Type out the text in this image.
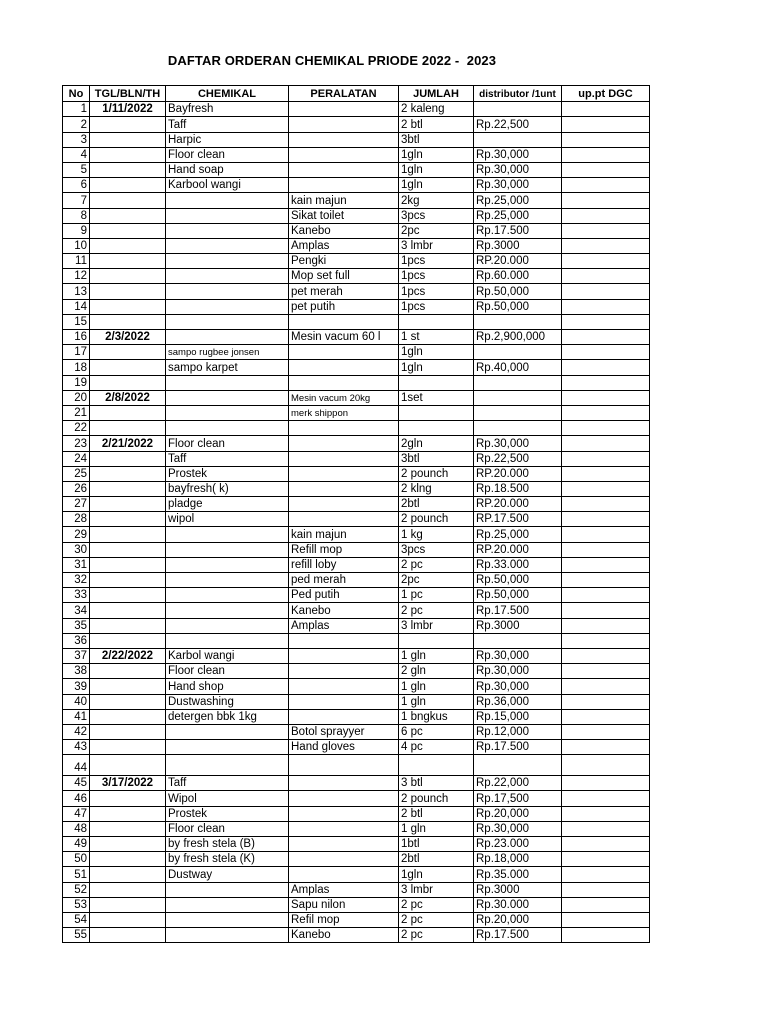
DAFTAR ORDERAN CHEMIKAL PRIODE 2022 -  2023
No	TGL/BLN/TH	CHEMIKAL	PERALATAN	JUMLAH	distributor /1unt	up.pt DGC
1	1/11/2022	Bayfresh		2 kaleng		
2		Taff		2 btl	Rp.22,500	
3		Harpic		3btl		
4		Floor clean		1gln	Rp.30,000	
5		Hand soap		1gln	Rp.30,000	
6		Karbool wangi		1gln	Rp.30,000	
7			kain majun	2kg	Rp.25,000	
8			Sikat toilet	3pcs	Rp.25,000	
9			Kanebo	2pc	Rp.17.500	
10			Amplas	3 lmbr	Rp.3000	
11			Pengki	1pcs	RP.20.000	
12			Mop set full	1pcs	Rp.60.000	
13			pet merah	1pcs	Rp.50,000	
14			pet putih	1pcs	Rp.50,000	
15						
16	2/3/2022		Mesin vacum 60 l	1 st	Rp.2,900,000	
17		sampo rugbee jonsen		1gln		
18		sampo karpet		1gln	Rp.40,000	
19						
20	2/8/2022		Mesin vacum 20kg	1set		
21			merk shippon			
22						
23	2/21/2022	Floor clean		2gln	Rp.30,000	
24		Taff		3btl	Rp.22,500	
25		Prostek		2 pounch	RP.20.000	
26		bayfresh( k)		2 klng	Rp.18.500	
27		pladge		2btl	RP.20.000	
28		wipol		2 pounch	RP.17.500	
29			kain majun	1 kg	Rp.25,000	
30			Refill mop	3pcs	RP.20.000	
31			refill loby	2 pc	Rp.33.000	
32			ped merah	2pc	Rp.50,000	
33			Ped putih	1 pc	Rp.50,000	
34			Kanebo	2 pc	Rp.17.500	
35			Amplas	3 lmbr	Rp.3000	
36						
37	2/22/2022	Karbol wangi		1 gln	Rp.30,000	
38		Floor clean		2 gln	Rp.30,000	
39		Hand shop		1 gln	Rp.30,000	
40		Dustwashing		1 gln	Rp.36,000	
41		detergen bbk 1kg		1 bngkus	Rp.15,000	
42			Botol sprayyer	6 pc	Rp.12,000	
43			Hand gloves	4 pc	Rp.17.500	
44						
45	3/17/2022	Taff		3 btl	Rp.22,000	
46		Wipol		2 pounch	Rp.17,500	
47		Prostek		2 btl	Rp.20,000	
48		Floor clean		1 gln	Rp.30,000	
49		by fresh stela (B)		1btl	Rp.23.000	
50		by fresh stela (K)		2btl	Rp.18,000	
51		Dustway		1gln	Rp.35.000	
52			Amplas	3 lmbr	Rp.3000	
53			Sapu nilon	2 pc	Rp.30.000	
54			Refil mop	2 pc	Rp.20,000	
55			Kanebo	2 pc	Rp.17.500	
